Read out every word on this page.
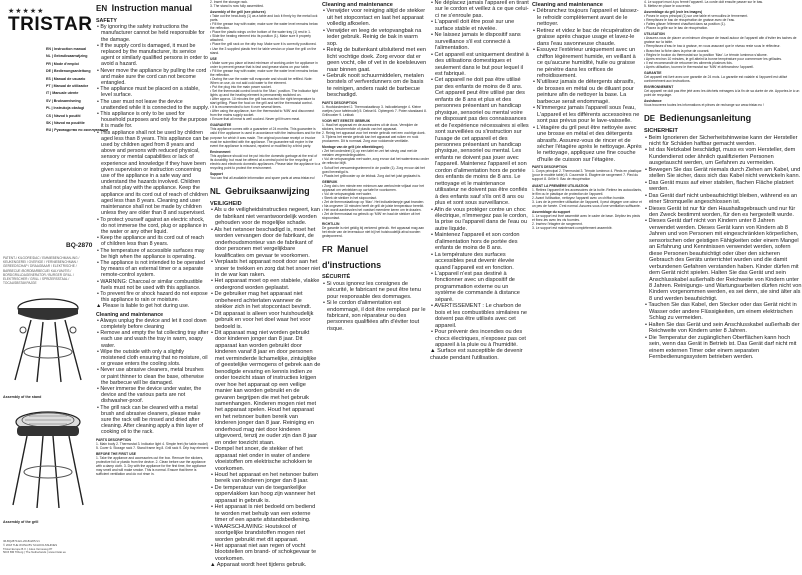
★★★★★
TRISTAR
EN | Instruction manual
NL | Gebruiksaanwijzing
FR | Mode d'emploi
DE | Bedienungsanleitung
ES | Manual de usuario
PT | Manual de utilizador
IT | Manuale utente
SV | Bruksanvisning
PL | Instrukcja obsługi
CS | Návod k použití
SK | Návod na použitie
RU | Руководство по эксплуатации
BQ-2870
PATENT-/ KILGORE/DAC / EMMIEBENCHMAN-ING / KEUKENGEREI / OVERIGE / YERNIEBENCHMAN / GEREEDSCHAP / DRAAGBAAR / ELEKTRISCHE / BARBECUE /BORDBARBECUE/ KALYUM/TIS / BORDGRILLDAGENERATOR / BURGER GRILL / ELEKTRISCHER / GRILL / SPRIZERSSTAAL / TOCAUSBSTAKPAJGE
Assembly of the stand
Assembly of the grill
IM-BQ2870-EU-20181205-V1
© 2018 THE WIJNA BV SCHOOLSSHINES
Tristar Europe B.V. | Jules Verneweg 87
5015 BM Tilburg | The Netherlands | www.tristar.eu
EN Instruction manual

SAFETY

• By ignoring the safety instructions the manufacturer cannot be held responsible for the damage.

• If the supply cord is damaged, it must be replaced by the manufacturer, its service agent or similarly qualified persons in order to avoid a hazard.

• Never move the appliance by pulling the cord and make sure the cord can not become entangled.

• The appliance must be placed on a stable, level surface.

• The user must not leave the device unattended while it is connected to the supply.

• This appliance is only to be used for household purposes and only for the purpose it is made for.

• This appliance shall not be used by children aged less than 8 years. This appliance can be used by children aged from 8 years and above and persons with reduced physical, sensory or mental capabilities or lack of experience and knowledge if they have been given supervision or instruction concerning use of the appliance in a safe way and understand the hazards involved. Children shall not play with the appliance. Keep the appliance and its cord out of reach of children aged less than 8 years. Cleaning and user maintenance shall not be made by children unless they are older than 8 and supervised.

• To protect yourself against an electric shock, do not immerse the cord, plug or appliance in the water or any other liquid.

• Keep the appliance and its cord out of reach of children less than 8 years.

• The temperature of accessible surfaces may be high when the appliance is operating.

• The appliance is not intended to be operated by means of an external timer or a separate remote-control system.

• WARNING: Charcoal or similar combustible fuels must not be used with this appliance.

• To prevent fire or shock hazard do not expose this appliance to rain or moisture.

▲ Please is liable to get hot during use.

Cleaning and maintenance

• Always unplug the device and let it cool down completely before cleaning

• Remove and empty the fat collecting tray after each use and wash the tray in warm, soapy water.

• Wipe the outside with only a slightly moistened cloth ensuring that no moisture, oil or grease enters the cooling slots.

• Never use abrasive cleaners, metal brushes or paint thinner to clean the base, otherwise the barbecue will be damaged.

• Never immerse the device under water, the device and the various parts are not dishwasher-proof.

• The grill rack can be cleaned with a metal brush and abrasive cleaners, please make sure the rack will be rinsed and dried after cleaning. After cleaning apply a thin layer of cooking oil to the rack.

PARTS DESCRIPTION

1. Main body 2. Thermostat 3. Indicator light 4. Simple feet (for table model) 5. Cover 6. Storage rack 7. Stand frame leg 8. Grill rack 9. Drip tray element

BEFORE THE FIRST USE

1. Take the appliance and accessories out the box. Remove the stickers, protective foil or plastic from the device. 2. Clean before use the appliance with a damp cloth. 3. Dry with the appliance for the first time, the appliance may smell and will make smoke. This is normal. Ensure that there is sufficient ventilation and do not rinse in.

2. Insert the storage rack.

3. The stand is now fully assembled.

Assembly of the grill (see pictures)

• Take out the heat-body (1) as a table and lock it firmly by the metal lock parts.

• Fill the grease tray with water, make sure the water level remains below the reflection.

• Place the plastic wings on the bottom of the water tray (1) rest in 1.

• Slide the heating element into its position (1). Make sure it properly attached.

• Place the grill rack on the drip tray. Make sure it is correctly positioned.

• Use the 3 supplied plastic feet for table version or place the grill on the stand.

USE

• Make sure you place at least minimum of working-order for appliance in order to prevent grease that is fast and grease stains on your table.

• Fill the grease tray with water, make sure the water level remains below the reflection.

• During the use the water will evaporate and should be refilled. Note: When on use, do not add cold water to the element.

• Put the plug into the main power socket.

• Set the thermostat control knob to the 'Max.' position. The indicator light lights up and the heating element is permanently switched on.

• After approx. 10 minutes the grill has reached the right temperature to start grilling. Place the food on the grill and set the thermostat control.

• It is recommended to turn it over several times.

• After using the appliance, turn the thermostat to 'MIN' and disconnect from the mains supply socket.

• Ensure that all meat is well cooked. Never grill frozen meat.

GUARANTEE

This appliance comes with a guarantee of 24 months. This guarantee is valid if the appliance is used in accordance with the instructions and for the purpose for which it was made. The original purchase receipt or invoice must be submitted with the appliance. The guarantee will expire in the event the appliance is misused, repaired or modified by a third party.

Environment

This appliance should not be put into the domestic garbage at the end of its durability, but must be offered at a central point for the recycling of electric and electronic domestic appliances. Please take the appliance to a recycling point to protect the environment.

Support

You can find all available information and spare parts at www.tristar.eu!

NL Gebruiksaanwijzing

VEILIGHEID

• Als u de veiligheidsinstructies negeert, kan de fabrikant niet verantwoordelijk worden gehouden voor de mogelijke schade.

• Als het netsnoer beschadigd is, moet het worden vervangen door de fabrikant, de onderhoudsmonteur van de fabrikant of door personen met vergelijkbare kwalificaties om gevaar te voorkomen.

• Verplaats het apparaat nooit door aan het snoer te trekken en zorg dat het snoer niet in de war kan raken.

• Het apparaat moet op een stabiele, vlakke ondergrond worden geplaatst.

• De gebruiker mag het apparaat niet onbeheerd achterlaten wanneer de stekker zich in het stopcontact bevindt.

• Dit apparaat is alleen voor huishoudelijk gebruik en voor het doel waar het voor bedoeld is.

• Dit apparaat mag niet worden gebruikt door kinderen jonger dan 8 jaar. Dit apparaat kan worden gebruikt door kinderen vanaf 8 jaar en door personen met verminderde lichamelijke, zintuiglijke of geestelijke vermogens of gebrek aan de benodigde ervaring en kennis indien ze onder toezicht staan of instructies krijgen over hoe het apparaat op een veilige manier kan worden gebruikt en de gevaren begrijpen die met het gebruik samenhangen. Kinderen mogen niet met het apparaat spelen. Houd het apparaat en het netsnoer buiten bereik van kinderen jonger dan 8 jaar. Reiniging en onderhoud mag niet door kinderen uitgevoerd, tenzij ze ouder zijn dan 8 jaar en onder toezicht staan.

• Dompel het snoer, de stekker of het apparaat niet onder in water of andere vloeistoffen om elektrische schokken te voorkomen.

• Houd het apparaat en het netsnoer buiten bereik van kinderen jonger dan 8 jaar.

• De temperatuur van de toegankelijke oppervlakken kan hoog zijn wanneer het apparaat in gebruik is.

• Het apparaat is niet bedoeld om bediend te worden met behulp van een externe timer of een aparte afstandsbediening.

• WAARSCHUWING: Houtskool of soortgelijke brandstoffen mogen niet worden gebruikt met dit apparaat.

• Het apparaat niet aan regen of vocht blootstellen om brand- of schokgevaar te voorkomen.

▲ Apparaat wordt heet tijdens gebruik.

Cleaning and maintenance

• Verwijder voor reiniging altijd de stekker uit het stopcontact en laat het apparaat volledig afkoelen.

• Verwijder en leeg de vetopvangbak na ieder gebruik. Reinig de bak in warm sop.

• Reinig de buitenkant uitsluitend met een licht vochtige doek. Zorg ervoor dat er geen vocht, olie of vet in de koelsleuven naar binnen gaat.

• Gebruik nooit schuurmiddelen, metalen borstels of verfverdunners om de basis te reinigen, anders raakt de barbecue beschadigd.

PARTS DESCRIPTION

1. Hoofdonderdeel 2. Thermostaatknop 3. Indicatielampje 4. Kleine voetjes (voor tafelmodel) 5. Deksel 6. Opbergrek 7. Poten standaard 8. Grillrooster 9. Lekbak

VOOR HET EERSTE GEBRUIK

1. Haal het apparaat en de accessoires uit de doos. Verwijder de stickers, beschermfolie of plastic van het apparaat.

2. Reinig het apparaat voor het eerste gebruik met een vochtige doek.

3. Tijdens het eerste gebruik kan het apparaat wat ruiken en rook produceren. Dit is normaal. Zorg voor voldoende ventilatie.

Montage van de grill (zie afbeeldingen)

• Zet het onderdeel (1) op een tafel en zet het stevig vast met de metalen vergrendelingsdelen.

• Vul de vetopvangbak met water, zorg ervoor dat het waterniveau onder de reflector blijft.

• Schuif het verwarmingselement in de positie (1). Zorg ervoor dat het goed bevestigd is.

• Plaats het grillrooster op de lekbak. Zorg dat het juist geplaatst is.

GEBRUIK

• Zorg dat u ten minste een minimum aan werkruimte vrijlaat voor het apparaat om vetvlekken op uw tafel te voorkomen.

• Vul de vetopvangbak met water.

• Steek de stekker in het stopcontact.

• Zet de thermostaatknop op 'Max'. Het indicatielampje gaat branden.

• Na ongeveer 10 minuten heeft de grill de juiste temperatuur bereikt.

• Het wordt aanbevolen het voedsel meerdere keren om te draaien.

• Zet de thermostaat na gebruik op 'MIN' en haal de stekker uit het stopcontact.

RICHTLIJN

De garantie is niet geldig bij verkeerd gebruik. Het apparaat mag aan het einde van de levensduur niet bij het huishoudelijk afval worden gedeponeerd.

FR Manuel d'instructions

SÉCURITÉ

• Si vous ignorez les consignes de sécurité, le fabricant ne peut être tenu pour responsable des dommages.

• Si le cordon d'alimentation est endommagé, il doit être remplacé par le fabricant, son réparateur ou des personnes qualifiées afin d'éviter tout risque.

• Ne déplacez jamais l'appareil en tirant sur le cordon et veillez à ce que celui-ci ne s'enroule pas.

• L'appareil doit être posé sur une surface stable et nivelée.

• Ne laissez jamais le dispositif sans surveillance s'il est connecté à l'alimentation.

• Cet appareil est uniquement destiné à des utilisations domestiques et seulement dans le but pour lequel il est fabriqué.

• Cet appareil ne doit pas être utilisé par des enfants de moins de 8 ans. Cet appareil peut être utilisé par des enfants de 8 ans et plus et des personnes présentant un handicap physique, sensoriel ou mental voire ne disposant pas des connaissances et de l'expérience nécessaires si elles sont surveillées ou s'instruction sur l'usage de cet appareil et des personnes présentant un handicap physique, sensoriel ou mental. Les enfants ne doivent pas jouer avec l'appareil. Maintenez l'appareil et son cordon d'alimentation hors de portée des enfants de moins de 8 ans. Le nettoyage et le maintenance utilisateur ne doivent pas être confiés à des enfants sauf s'ils ont 8 ans ou plus et sont sous surveillance.

• Afin de vous protéger contre un choc électrique, n'immergez pas le cordon, la prise ou l'appareil dans de l'eau ou autre liquide.

• Maintenez l'appareil et son cordon d'alimentation hors de portée des enfants de moins de 8 ans.

• La température des surfaces accessibles peut devenir élevée quand l'appareil est en fonction.

• L'appareil n'est pas destiné à fonctionner avec un dispositif de programmation externe ou un système de commande à distance séparé.

• AVERTISSEMENT : Le charbon de bois et les combustibles similaires ne doivent pas être utilisés avec cet appareil.

• Pour prévenir des incendies ou des chocs électriques, n'exposez pas cet appareil à la pluie ou à l'humidité.

▲ Surface est susceptible de devenir chaude pendant l'utilisation.

Cleaning and maintenance

• Débranchez toujours l'appareil et laissez-le refroidir complètement avant de le nettoyer.

• Retirez et videz le bac de récupération de graisse après chaque usage et lavez-le dans l'eau savonneuse chaude.

• Essuyez l'extérieur uniquement avec un chiffon légèrement humide, en veillant à ce qu'aucune humidité, huile ou graisse ne pénètre dans les orifices de refroidissement.

• N'utilisez jamais de détergents abrasifs, de brosses en métal ou de diluant pour peinture afin de nettoyer la base. La barbecue serait endommagé.

• N'immergez jamais l'appareil sous l'eau, L'appareil et les différents accessoires ne sont pas prévus pour le lave-vaisselle.

• L'étagère du gril peut être nettoyée avec une brosse en métal et des détergents abrasifs. Assurez-vous de rincer et de sécher l'étagère après le nettoyage. Après le nettoyage, appliquez une fine couche d'huile de cuisson sur l'étagère.

PARTS DESCRIPTION

1. Corps principal 2. Thermostat 3. Témoin lumineux 4. Pieds en plastique (pour le modèle table) 5. Couvercle 6. Étagère de rangement 7. Pied du support 8. Grille 9. Bac de récupération

AVANT LA PREMIÈRE UTILISATION

1. Retirez l'appareil et les accessoires de la boîte. Retirez les autocollants, le film ou le plastique de protection de l'appareil.

2. Avant l'utilisation, nettoyez l'appareil avec un chiffon humide.

3. Lors de la première utilisation de l'appareil, il peut dégager une odeur et un peu de fumée. C'est normal. Assurez-vous d'une ventilation suffisante.

Assemblage du support

1. Le support est livré assemblé avec le cadre de base. Dépliez les pieds et fixez-les avec les vis fournies.

2. Insérez l'étagère de rangement.

3. Le support est maintenant complètement assemblé.

4. Le support muni à pu fermé l'appareil. La corde doit ensuite passer sur le bas.

5. Mettez en place le couvercle.

Assemblage du gril (voir les images)

• Posez le corps principal (1) sur une table et verrouillez-le fermement.

• Remplissez le bac de récupération de graisse avec de l'eau.

• Faites glisser l'élément chauffant dans sa position (1).

• Placez la grille sur le bac de récupération.

UTILISATION

• Assurez-vous de placer un minimum d'espace de travail autour de l'appareil afin d'éviter les taches de graisse sur la table.

• Remplissez d'eau le bac à graisse, en vous assurant que le niveau reste sous le réflecteur.

• Branchez la fiche dans la prise de courant.

• Réglez le bouton du thermostat sur la position 'Max'. Le témoin lumineux s'allume.

• Après environ 10 minutes, le gril atteint la bonne température pour commencer les grillades.

• Il est recommandé de retourner les aliments plusieurs fois.

• Après utilisation, tournez le thermostat sur 'MIN' et débranchez l'appareil.

GARANTIE

Cet appareil est livré avec une garantie de 24 mois. La garantie est valable si l'appareil est utilisé conformément aux instructions.

ENVIRONNEMENT

Cet appareil ne doit pas être jeté avec les déchets ménagers à la fin de sa durée de vie. Apportez-le à un point de recyclage.

Assistance

Vous trouverez toutes les informations et pièces de rechange sur www.tristar.eu !

DE Bedienungsanleitung

SICHERHEIT

• Beim Ignorieren der Sicherheitshinweise kann der Hersteller nicht für Schäden haftbar gemacht werden.

• Ist das Netzkabel beschädigt, muss es vom Hersteller, dem Kundendienst oder ähnlich qualifizierten Personen ausgetauscht werden, um Gefahren zu vermeiden.

• Bewegen Sie das Gerät niemals durch Ziehen am Kabel, und stellen Sie sicher, dass sich das Kabel nicht verwickeln kann.

• Das Gerät muss auf einer stabilen, flachen Fläche platziert werden.

• Das Gerät darf nicht unbeaufsichtigt bleiben, während es an einer Stromquelle angeschlossen ist.

• Dieses Gerät ist nur für den Haushaltsgebrauch und nur für den Zweck bestimmt worden, für den es hergestellt wurde.

• Dieses Gerät darf nicht von Kindern unter 8 Jahren verwendet werden. Dieses Gerät kann von Kindern ab 8 Jahren und von Personen mit eingeschränkten körperlichen, sensorischen oder geistigen Fähigkeiten oder einem Mangel an Erfahrung und Kenntnissen verwendet werden, sofern diese Personen beaufsichtigt oder über den sicheren Gebrauch des Geräts unterrichtet wurden und die damit verbundenen Gefahren verstanden haben. Kinder dürfen mit dem Gerät nicht spielen. Halten Sie das Gerät und sein Anschlusskabel außerhalb der Reichweite von Kindern unter 8 Jahren. Reinigungs- und Wartungsarbeiten dürfen nicht von Kindern vorgenommen werden, es sei denn, sie sind älter als 8 und werden beaufsichtigt.

• Tauchen Sie das Kabel, den Stecker oder das Gerät nicht in Wasser oder andere Flüssigkeiten, um einem elektrischen Schlag zu vermeiden.

• Halten Sie das Gerät und sein Anschlusskabel außerhalb der Reichweite von Kindern unter 8 Jahren.

• Die Temperatur der zugänglichen Oberflächen kann hoch sein, wenn das Gerät in Betrieb ist. Das Gerät darf nicht mit einem externen Timer oder einem separaten Fernbedienungssystem betrieben werden.
